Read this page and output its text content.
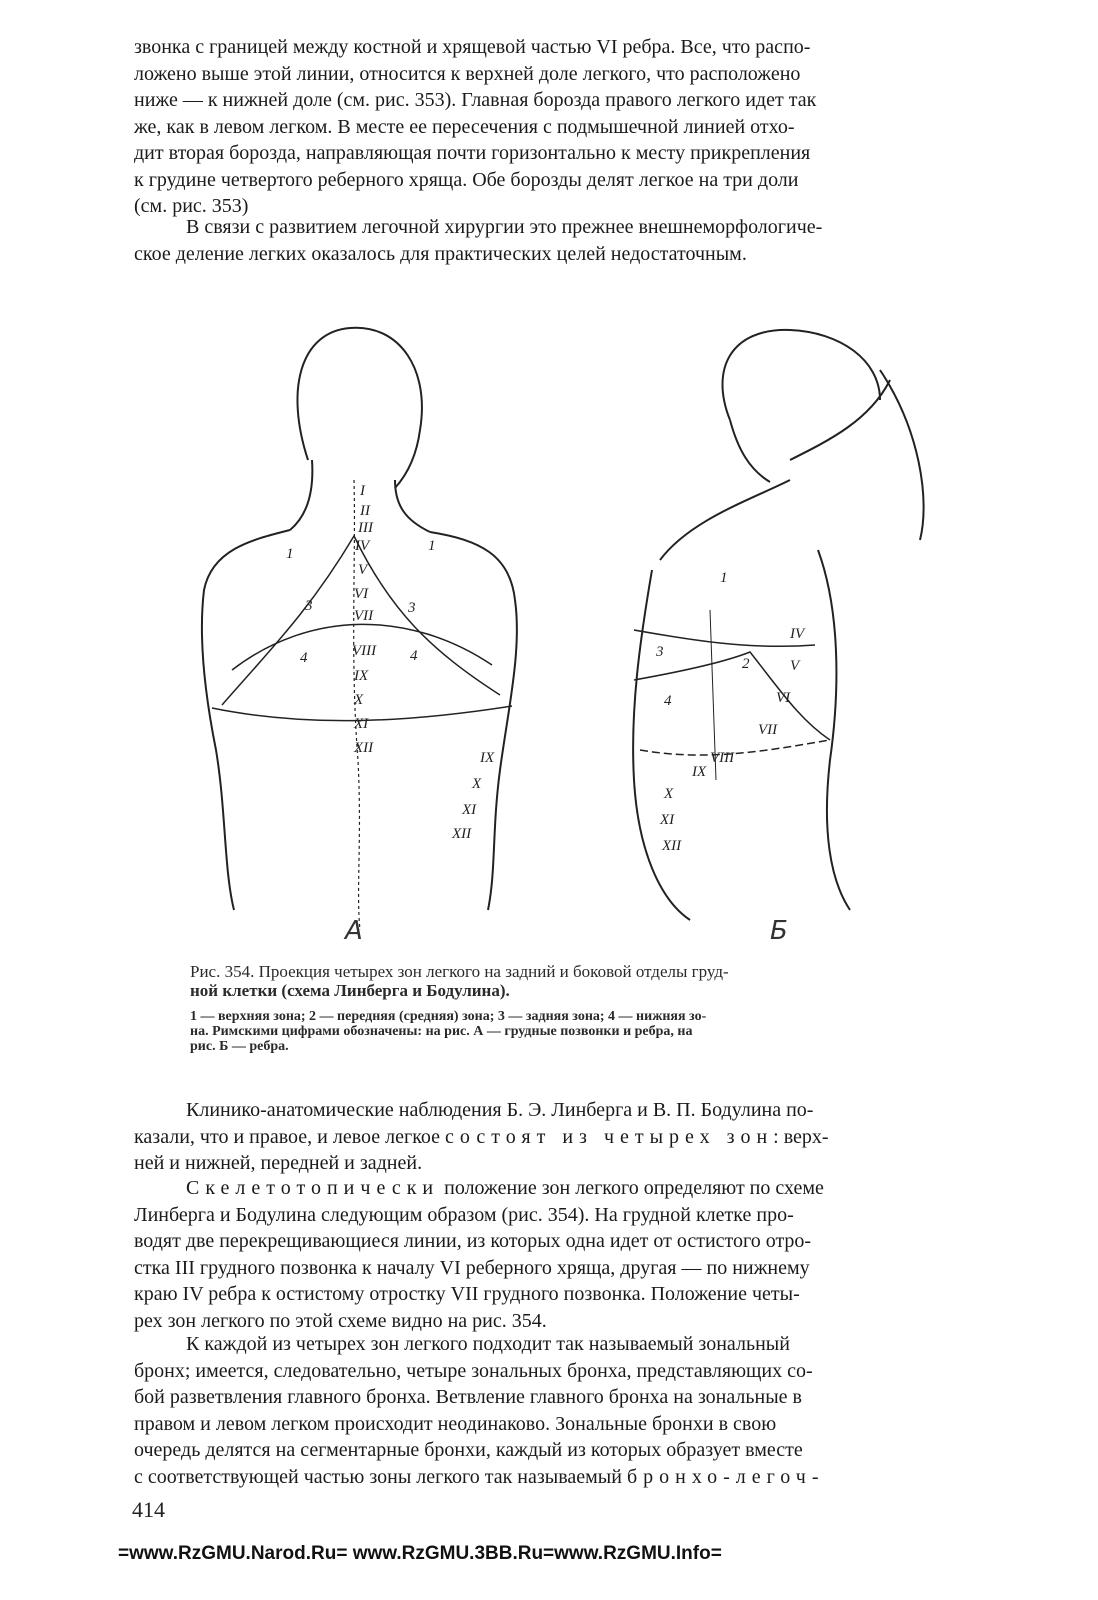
звонка с границей между костной и хрящевой частью VI ребра. Все, что распо-
ложено выше этой линии, относится к верхней доле легкого, что расположено
ниже — к нижней доле (см. рис. 353). Главная борозда правого легкого идет так
же, как в левом легком. В месте ее пересечения с подмышечной линией отхо-
дит вторая борозда, направляющая почти горизонтально к месту прикрепления
к грудине четвертого реберного хряща. Обе борозды делят легкое на три доли
(см. рис. 353)

В связи с развитием легочной хирургии это прежнее внешнеморфологиче-
ское деление легких оказалось для практических целей недостаточным.

1	1
3	3
4	4
I
II
III
IV
V
VI
VII
VIII
IX
X
XI
XII
IX
X
XI
XII
1
3
2
4
IV
V
VI
VII
VIII
IX
X
XI
XII
А	Б
Рис. 354. Проекция четырех зон легкого на задний и боковой отделы груд-
ной клетки (схема Линберга и Бодулина).
1 — верхняя зона; 2 — передняя (средняя) зона; 3 — задняя зона; 4 — нижняя зо-
на. Римскими цифрами обозначены: на рис. А — грудные позвонки и ребра, на
рис. Б — ребра.

Клинико-анатомические наблюдения Б. Э. Линберга и В. П. Бодулина по-
казали, что и правое, и левое легкое состоят из четырех зон: верх-
ней и нижней, передней и задней.

Скелетотопически положение зон легкого определяют по схеме
Линберга и Бодулина следующим образом (рис. 354). На грудной клетке про-
водят две перекрещивающиеся линии, из которых одна идет от остистого отро-
стка III грудного позвонка к началу VI реберного хряща, другая — по нижнему
краю IV ребра к остистому отростку VII грудного позвонка. Положение четы-
рех зон легкого по этой схеме видно на рис. 354.

К каждой из четырех зон легкого подходит так называемый зональный
бронх; имеется, следовательно, четыре зональных бронха, представляющих со-
бой разветвления главного бронха. Ветвление главного бронха на зональные в
правом и левом легком происходит неодинаково. Зональные бронхи в свою
очередь делятся на сегментарные бронхи, каждый из которых образует вместе
с соответствующей частью зоны легкого так называемый бронхо-легоч-

414
=www.RzGMU.Narod.Ru= www.RzGMU.3BB.Ru=www.RzGMU.Info=
